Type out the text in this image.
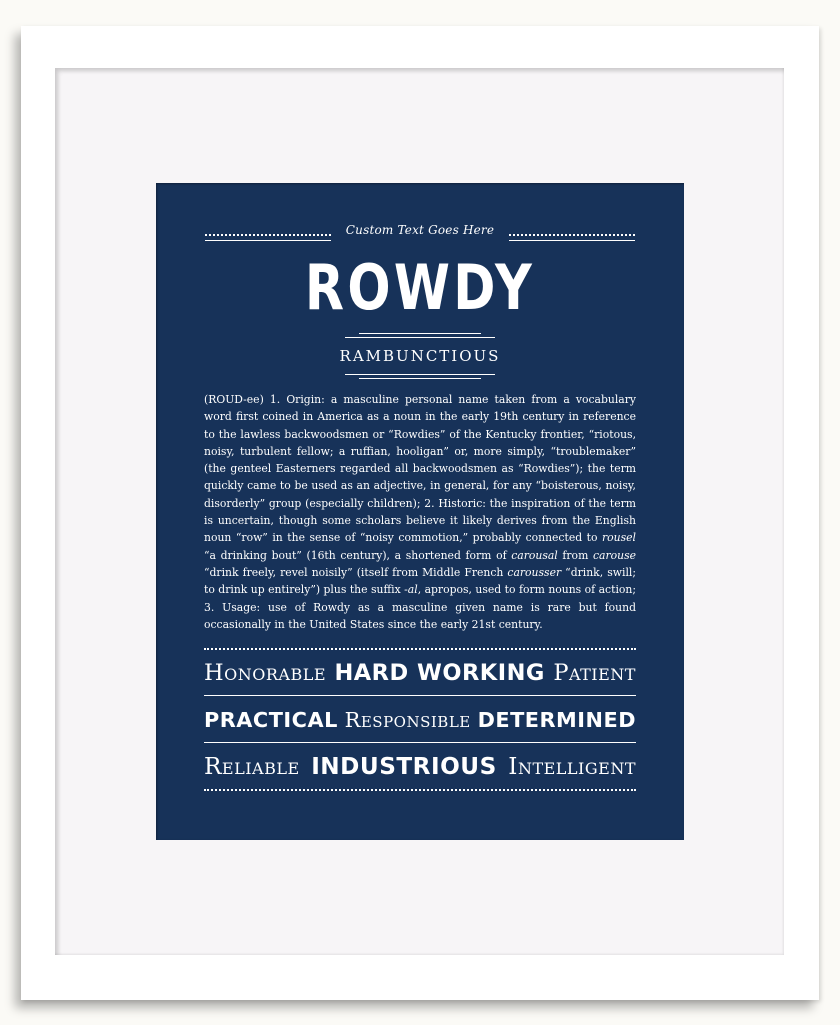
Custom Text Goes Here
ROWDY
RAMBUNCTIOUS
(ROUD-ee) 1. Origin: a masculine personal name taken from a vocabulary word first coined in America as a noun in the early 19th century in reference to the lawless backwoodsmen or “Rowdies” of the Kentucky frontier, “riotous, noisy, turbulent fellow; a ruffian, hooligan” or, more simply, “troublemaker” (the genteel Easterners regarded all backwoodsmen as “Rowdies”); the term quickly came to be used as an adjective, in general, for any “boisterous, noisy, disorderly” group (especially children); 2. Historic: the inspiration of the term is uncertain, though some scholars believe it likely derives from the English noun “row” in the sense of “noisy commotion,” probably connected to rousel “a drinking bout” (16th century), a shortened form of carousal from carouse “drink freely, revel noisily” (itself from Middle French carousser “drink, swill; to drink up entirely”) plus the suffix -al, apropos, used to form nouns of action; 3. Usage: use of Rowdy as a masculine given name is rare but found occasionally in the United States since the early 21st century.
Honorable HARD WORKING Patient
PRACTICAL Responsible DETERMINED
Reliable INDUSTRIOUS Intelligent
